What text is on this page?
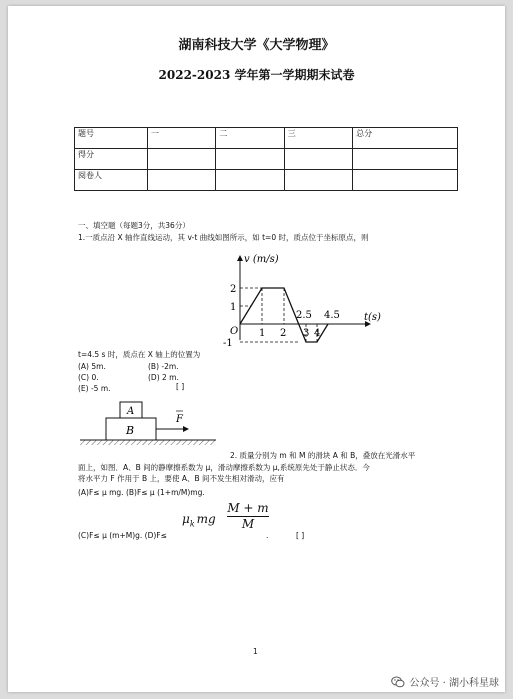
湖南科技大学《大学物理》
2022-2023 学年第一学期期末试卷
题号	一	二	三	总分
得分				
阅卷人				
一、填空题（每题3分，共36分）
1.一质点沿 X 轴作直线运动，其 v-t 曲线如图所示，如 t=0 时，质点位于坐标原点，则
v (m/s)
t(s)
O
2
1
-1
1 2
2.5
3 4
4.5
t=4.5 s 时，质点在 X 轴上的位置为
(A) 5m.	(B) -2m.
(C) 0.	(D) 2 m.
(E) -5 m.	[ ]
A
B
F
2. 质量分别为 m 和 M 的滑块 A 和 B，叠放在光滑水平
面上，如图．A、B 间的静摩擦系数为 μ，滑动摩擦系数为 μ,系统原先处于静止状态．今
将水平力 F 作用于 B 上，要使 A、B 间不发生相对滑动，应有
(A)F≤ μ mg. (B)F≤ μ (1+m/M)mg.
$\mu_k$ mg
M + m
M
(C)F≤ μ (m+M)g. (D)F≤	.	[ ]
1
公众号 · 湖小科星球
